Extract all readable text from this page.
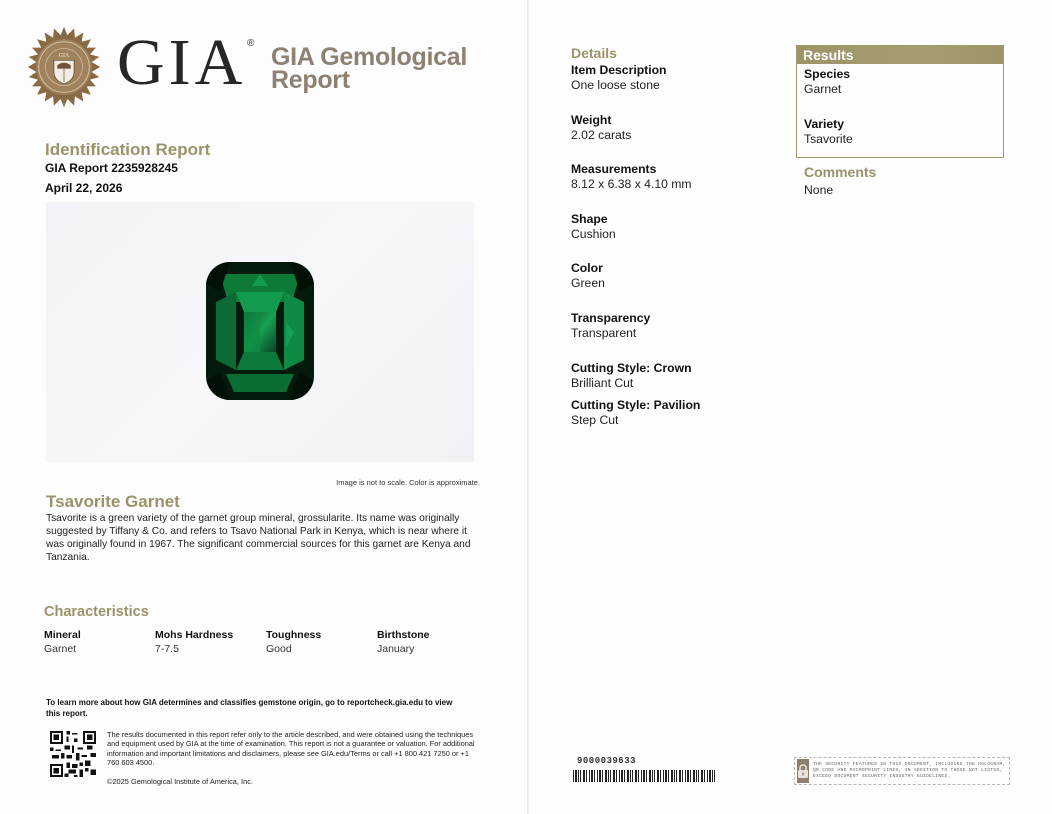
GIA GIA ® GIA Gemological
Report
Identification Report
GIA Report 2235928245
April 22, 2026
Image is not to scale. Color is approximate.
Tsavorite Garnet
Tsavorite is a green variety of the garnet group mineral, grossularite. Its name was originally suggested by Tiffany & Co. and refers to Tsavo National Park in Kenya, which is near where it was originally found in 1967. The significant commercial sources for this garnet are Kenya and Tanzania.
Characteristics
Mineral
Garnet
Mohs Hardness
7-7.5
Toughness
Good
Birthstone
January
To learn more about how GIA determines and classifies gemstone origin, go to reportcheck.gia.edu to view this report.
The results documented in this report refer only to the article described, and were obtained using the techniques and equipment used by GIA at the time of examination. This report is not a guarantee or valuation. For additional information and important limitations and disclaimers, please see GIA.edu/Terms or call +1 800 421 7250 or +1 760 603 4500.
©2025 Gemological Institute of America, Inc.
Details
Item Description
One loose stone
Weight
2.02 carats
Measurements
8.12 x 6.38 x 4.10 mm
Shape
Cushion
Color
Green
Transparency
Transparent
Cutting Style: Crown
Brilliant Cut
Cutting Style: Pavilion
Step Cut
Results
Species
Garnet
Variety
Tsavorite
Comments
None
9000039633	THE SECURITY FEATURES IN THIS DOCUMENT, INCLUDING THE HOLOGRAM, QR CODE AND MICROPRINT LINES, IN ADDITION TO THOSE NOT LISTED, EXCEED DOCUMENT SECURITY INDUSTRY GUIDELINES.
